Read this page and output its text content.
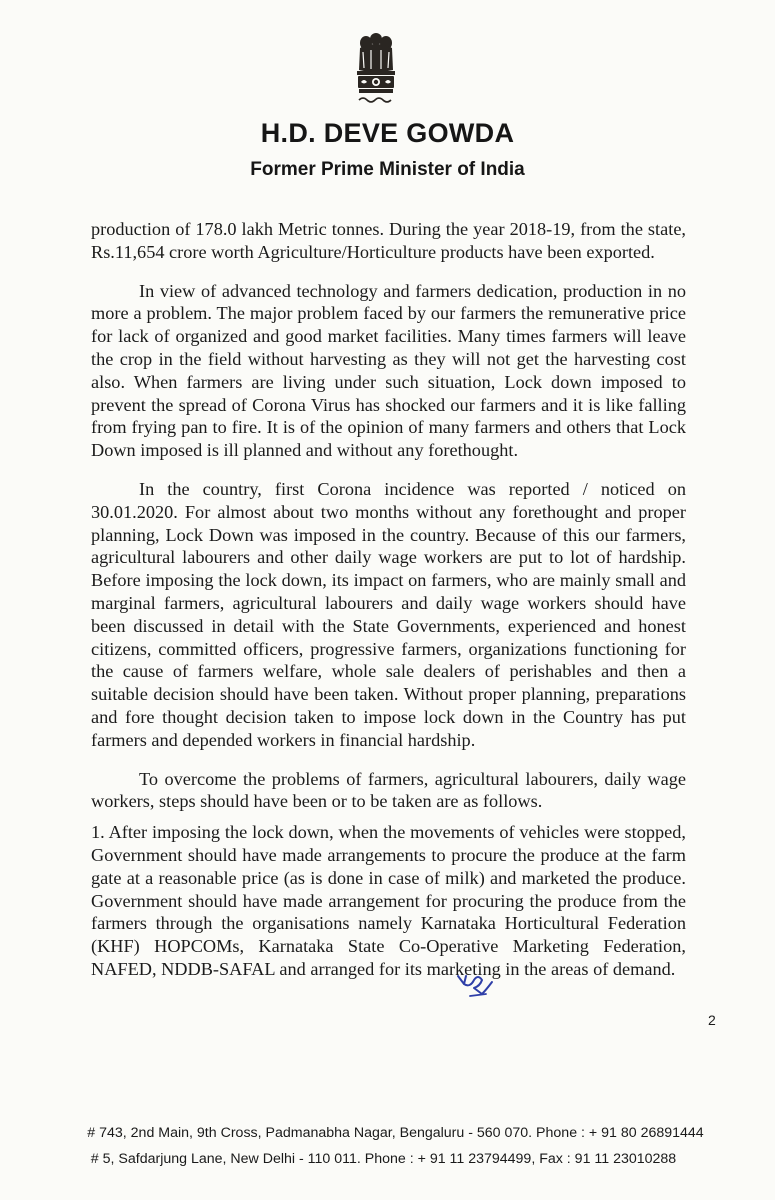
H.D. DEVE GOWDA
Former Prime Minister of India

production of 178.0 lakh Metric tonnes. During the year 2018-19, from the state, Rs.11,654 crore worth Agriculture/Horticulture products have been exported.

In view of advanced technology and farmers dedication, production in no more a problem. The major problem faced by our farmers the remunerative price for lack of organized and good market facilities. Many times farmers will leave the crop in the field without harvesting as they will not get the harvesting cost also. When farmers are living under such situation, Lock down imposed to prevent the spread of Corona Virus has shocked our farmers and it is like falling from frying pan to fire. It is of the opinion of many farmers and others that Lock Down imposed is ill planned and without any forethought.

In the country, first Corona incidence was reported / noticed on 30.01.2020. For almost about two months without any forethought and proper planning, Lock Down was imposed in the country. Because of this our farmers, agricultural labourers and other daily wage workers are put to lot of hardship. Before imposing the lock down, its impact on farmers, who are mainly small and marginal farmers, agricultural labourers and daily wage workers should have been discussed in detail with the State Governments, experienced and honest citizens, committed officers, progressive farmers, organizations functioning for the cause of farmers welfare, whole sale dealers of perishables and then a suitable decision should have been taken. Without proper planning, preparations and fore thought decision taken to impose lock down in the Country has put farmers and depended workers in financial hardship.

To overcome the problems of farmers, agricultural labourers, daily wage workers, steps should have been or to be taken are as follows.

1. After imposing the lock down, when the movements of vehicles were stopped, Government should have made arrangements to procure the produce at the farm gate at a reasonable price (as is done in case of milk) and marketed the produce. Government should have made arrangement for procuring the produce from the farmers through the organisations namely Karnataka Horticultural Federation (KHF) HOPCOMs, Karnataka State Co-Operative Marketing Federation, NAFED, NDDB-SAFAL and arranged for its marketing in the areas of demand.

2
# 743, 2nd Main, 9th Cross, Padmanabha Nagar, Bengaluru - 560 070. Phone : + 91 80 26891444
# 5, Safdarjung Lane, New Delhi - 110 011. Phone : + 91 11 23794499, Fax : 91 11 23010288
